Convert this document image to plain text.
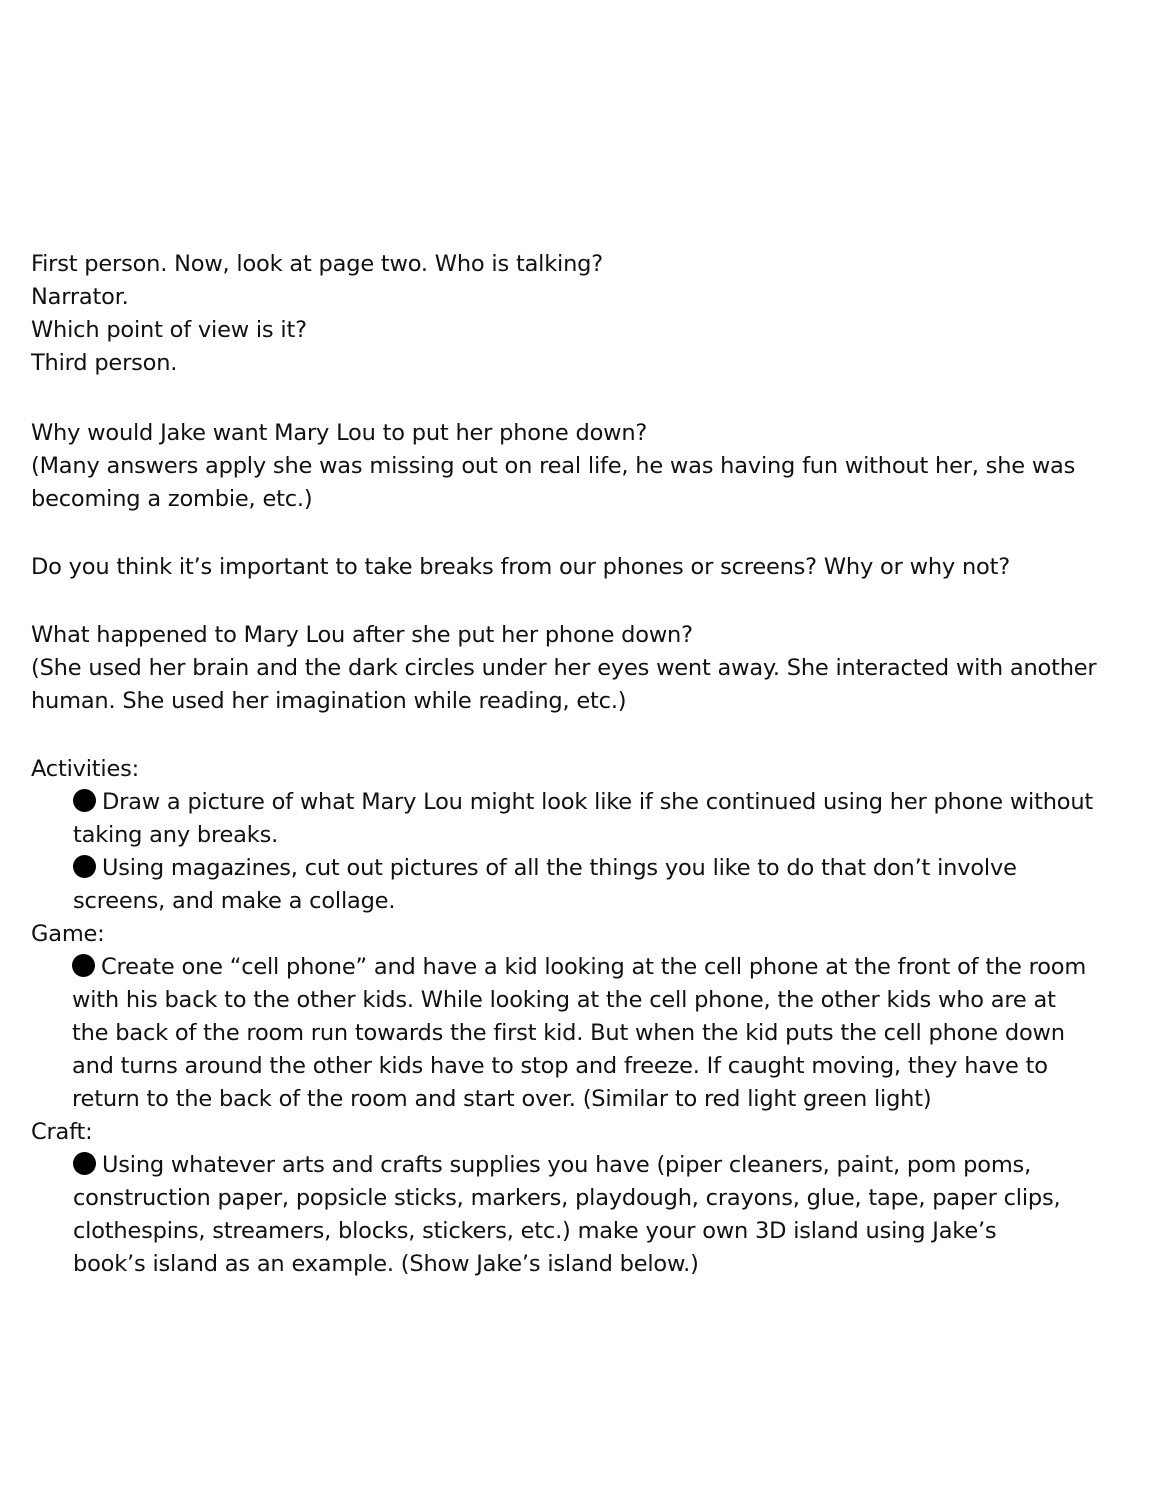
First person. Now, look at page two. Who is talking?
Narrator.
Which point of view is it?
Third person.
Why would Jake want Mary Lou to put her phone down?
(Many answers apply she was missing out on real life, he was having fun without her, she was
becoming a zombie, etc.)
Do you think it’s important to take breaks from our phones or screens? Why or why not?
What happened to Mary Lou after she put her phone down?
(She used her brain and the dark circles under her eyes went away. She interacted with another
human. She used her imagination while reading, etc.)
Activities:
Draw a picture of what Mary Lou might look like if she continued using her phone without
taking any breaks.
Using magazines, cut out pictures of all the things you like to do that don’t involve
screens, and make a collage.
Game:
Create one “cell phone” and have a kid looking at the cell phone at the front of the room
with his back to the other kids. While looking at the cell phone, the other kids who are at
the back of the room run towards the first kid. But when the kid puts the cell phone down
and turns around the other kids have to stop and freeze. If caught moving, they have to
return to the back of the room and start over. (Similar to red light green light)
Craft:
Using whatever arts and crafts supplies you have (piper cleaners, paint, pom poms,
construction paper, popsicle sticks, markers, playdough, crayons, glue, tape, paper clips,
clothespins, streamers, blocks, stickers, etc.) make your own 3D island using Jake’s
book’s island as an example. (Show Jake’s island below.)
